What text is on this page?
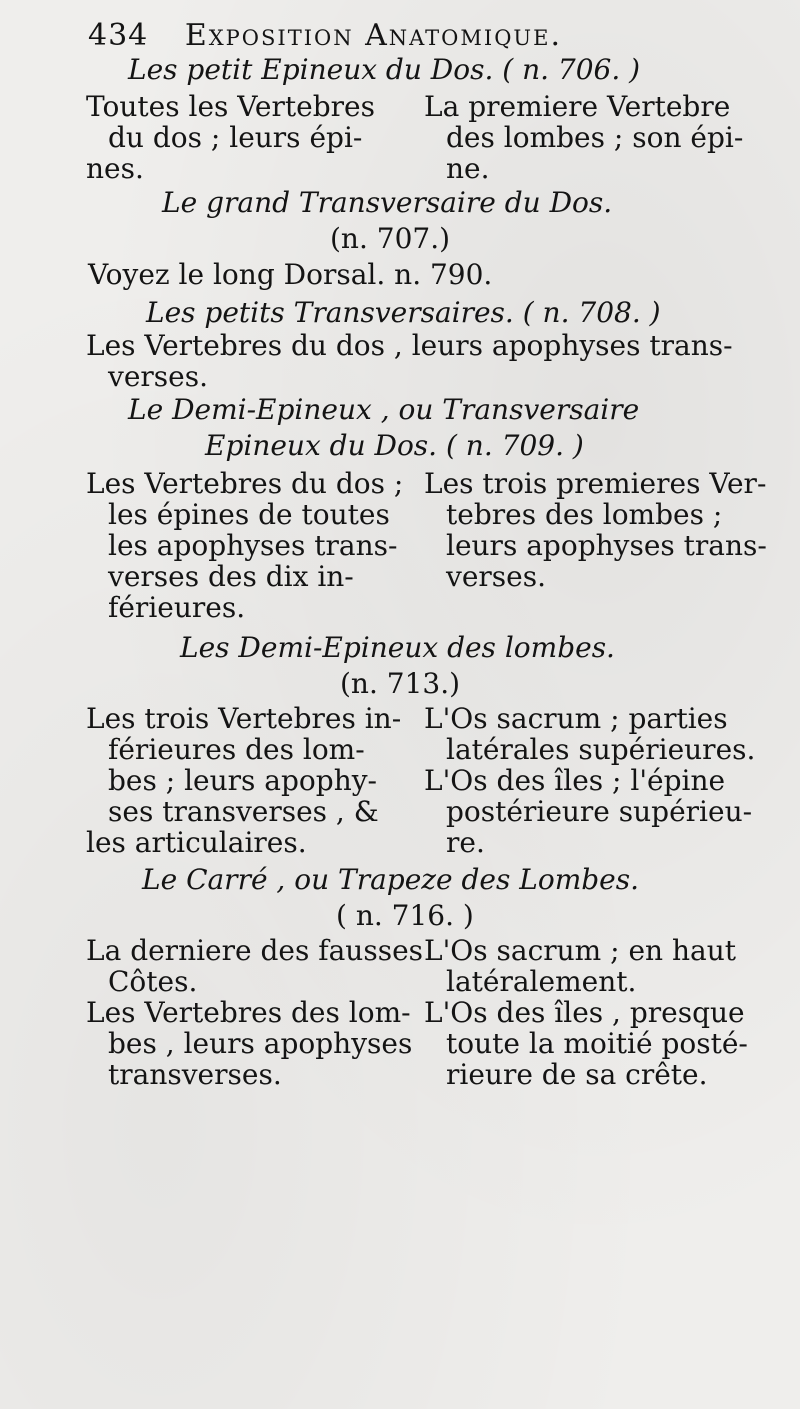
434 Exposition Anatomique.
Les petit Epineux du Dos. ( n. 706. )
Toutes les Vertebres
du dos ; leurs épi-
nes.
La premiere Vertebre
des lombes ; son épi-
ne.
Le grand Transversaire du Dos.
(n. 707.)
Voyez le long Dorsal. n. 790.
Les petits Transversaires. ( n. 708. )
Les Vertebres du dos , leurs apophyses trans-
verses.
Le Demi-Epineux , ou Transversaire
Epineux du Dos. ( n. 709. )
Les Vertebres du dos ;
les épines de toutes
les apophyses trans-
verses des dix in-
férieures.
Les trois premieres Ver-
tebres des lombes ;
leurs apophyses trans-
verses.
Les Demi-Epineux des lombes.
(n. 713.)
Les trois Vertebres in-
férieures des lom-
bes ; leurs apophy-
ses transverses , &
les articulaires.
L'Os sacrum ; parties
latérales supérieures.
L'Os des îles ; l'épine
postérieure supérieu-
re.
Le Carré , ou Trapeze des Lombes.
( n. 716. )
La derniere des fausses
Côtes.
Les Vertebres des lom-
bes , leurs apophyses
transverses.
L'Os sacrum ; en haut
latéralement.
L'Os des îles , presque
toute la moitié posté-
rieure de sa crête.
